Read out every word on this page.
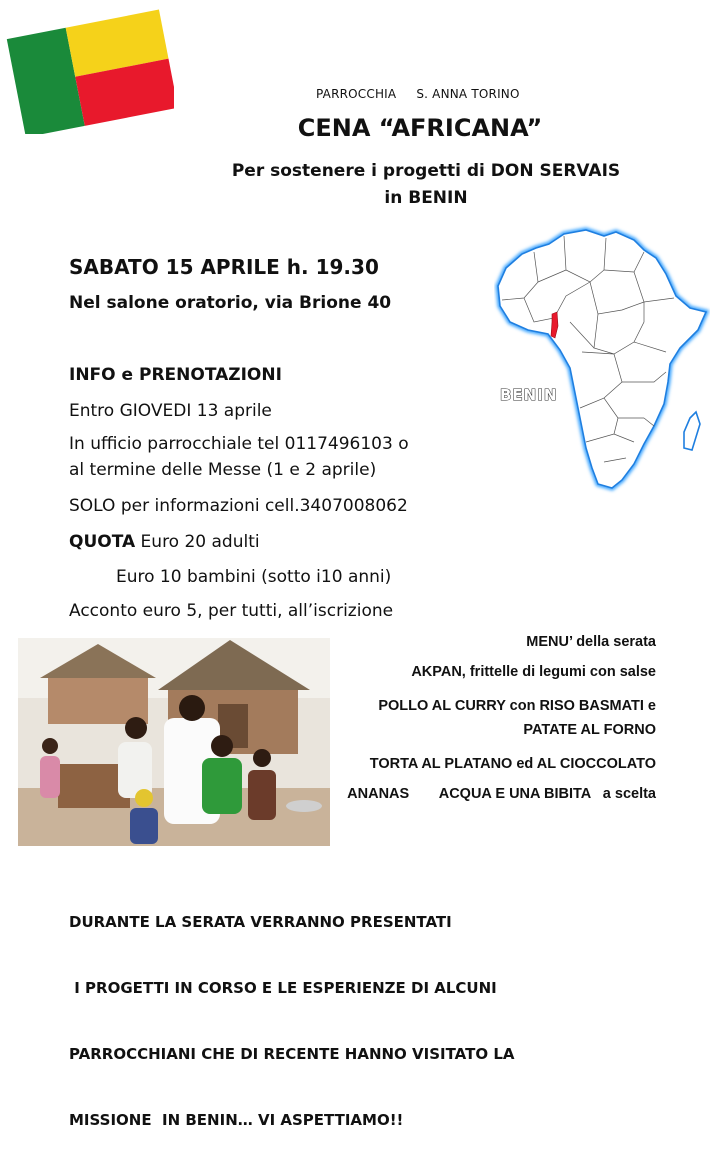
PARROCCHIA S. ANNA TORINO
CENA “AFRICANA”
Per sostenere i progetti di DON SERVAIS
in BENIN
SABATO 15 APRILE h. 19.30
Nel salone oratorio, via Brione 40
INFO e PRENOTAZIONI
Entro GIOVEDI 13 aprile
In ufficio parrocchiale tel 0117496103 o
al termine delle Messe (1 e 2 aprile)
SOLO per informazioni cell.3407008062
QUOTA Euro 20 adulti
Euro 10 bambini (sotto i10 anni)
Acconto euro 5, per tutti, all’iscrizione
BENIN
MENU’ della serata
AKPAN, frittelle di legumi con salse
POLLO AL CURRY con RISO BASMATI e
PATATE AL FORNO
TORTA AL PLATANO ed AL CIOCCOLATO
ANANAS ACQUA E UNA BIBITA a scelta

DURANTE LA SERATA VERRANNO PRESENTATI

I PROGETTI IN CORSO E LE ESPERIENZE DI ALCUNI

PARROCCHIANI CHE DI RECENTE HANNO VISITATO LA

MISSIONE  IN BENIN… VI ASPETTIAMO!!
